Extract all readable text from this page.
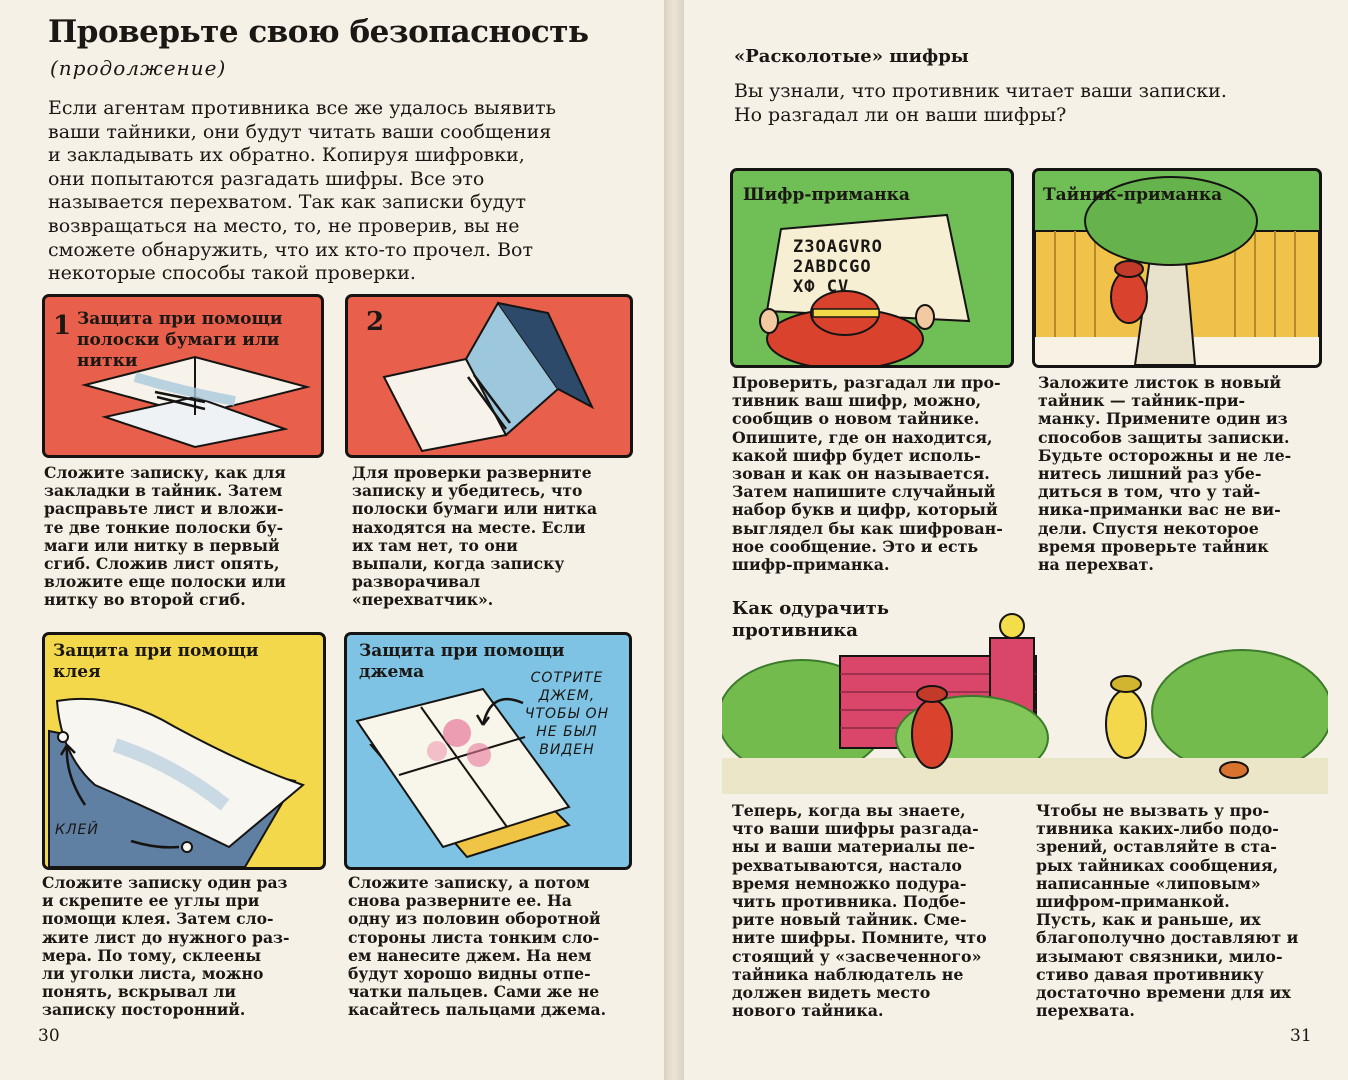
Проверьте свою безопасность
(продолжение)
Если агентам противника все же удалось выявить
ваши тайники, они будут читать ваши сообщения
и закладывать их обратно. Копируя шифровки,
они попытаются разгадать шифры. Все это
называется перехватом. Так как записки будут
возвращаться на место, то, не проверив, вы не
сможете обнаружить, что их кто-то прочел. Вот
некоторые способы такой проверки.
1 Защита при помощи
полоски бумаги или
нитки
2
Сложите записку, как для
закладки в тайник. Затем
расправьте лист и вложи-
те две тонкие полоски бу-
маги или нитку в первый
сгиб. Сложив лист опять,
вложите еще полоски или
нитку во второй сгиб.
Для проверки разверните
записку и убедитесь, что
полоски бумаги или нитка
находятся на месте. Если
их там нет, то они
выпали, когда записку
разворачивал
«перехватчик».
Защита при помощи
клея
КЛЕЙ
Защита при помощи
джема	СОТРИТЕ
ДЖЕМ,
ЧТОБЫ ОН
НЕ БЫЛ
ВИДЕН
Сложите записку один раз
и скрепите ее углы при
помощи клея. Затем сло-
жите лист до нужного раз-
мера. По тому, склеены
ли уголки листа, можно
понять, вскрывал ли
записку посторонний.
Сложите записку, а потом
снова разверните ее. На
одну из половин оборотной
стороны листа тонким сло-
ем нанесите джем. На нем
будут хорошо видны отпе-
чатки пальцев. Сами же не
касайтесь пальцами джема.
30
«Расколотые» шифры
Вы узнали, что противник читает ваши записки.
Но разгадал ли он ваши шифры?
Шифр-приманка
Z3OAGVRO
2ABDCGO
XФ CV
Тайник-приманка
Проверить, разгадал ли про-
тивник ваш шифр, можно,
сообщив о новом тайнике.
Опишите, где он находится,
какой шифр будет исполь-
зован и как он называется.
Затем напишите случайный
набор букв и цифр, который
выглядел бы как шифрован-
ное сообщение. Это и есть
шифр-приманка.
Заложите листок в новый
тайник — тайник-при-
манку. Примените один из
способов защиты записки.
Будьте осторожны и не ле-
нитесь лишний раз убе-
диться в том, что у тай-
ника-приманки вас не ви-
дели. Спустя некоторое
время проверьте тайник
на перехват.
Как одурачить
противника
Теперь, когда вы знаете,
что ваши шифры разгада-
ны и ваши материалы пе-
рехватываются, настало
время немножко подура-
чить противника. Подбе-
рите новый тайник. Сме-
ните шифры. Помните, что
стоящий у «засвеченного»
тайника наблюдатель не
должен видеть место
нового тайника.
Чтобы не вызвать у про-
тивника каких-либо подо-
зрений, оставляйте в ста-
рых тайниках сообщения,
написанные «липовым»
шифром-приманкой.
Пусть, как и раньше, их
благополучно доставляют и
изымают связники, мило-
стиво давая противнику
достаточно времени для их
перехвата.
31
